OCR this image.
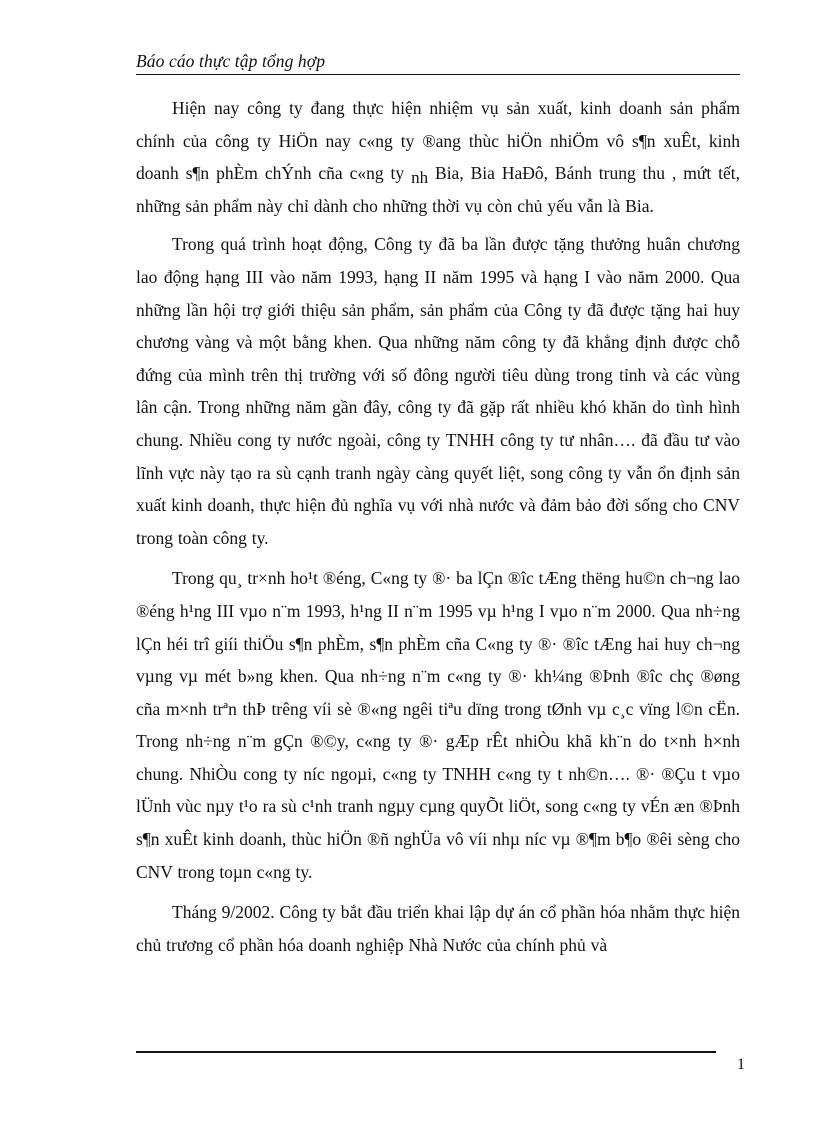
Báo cáo thực tập tổng hợp

Hiện nay công ty đang thực hiện nhiệm vụ sản xuất, kinh doanh sản phẩm chính của công ty HiÖn nay c«ng ty ®ang thùc hiÖn nhiÖm vô s¶n xuÊt, kinh doanh s¶n phÈm chÝnh cña c«ng ty nh Bia, Bia HaĐô, Bánh trung thu , mứt tết, những sản phẩm này chỉ dành cho những thời vụ còn chủ yếu vẫn là Bia.

Trong quá trình hoạt động, Công ty đã ba lần được tặng thưởng huân chương lao động hạng III vào năm 1993, hạng II năm 1995 và hạng I vào năm 2000. Qua những lần hội trợ giới thiệu sản phẩm, sản phẩm của Công ty đã được tặng hai huy chương vàng và một bằng khen. Qua những năm công ty đã khẳng định được chỗ đứng của mình trên thị trường với số đông người tiêu dùng trong tỉnh và các vùng lân cận. Trong những năm gần đây, công ty đã gặp rất nhiều khó khăn do tình hình chung. Nhiều cong ty nước ngoài, công ty TNHH công ty tư nhân…. đã đầu tư vào lĩnh vực này tạo ra sù cạnh tranh ngày càng quyết liệt, song công ty vẫn ổn định sản xuất kinh doanh, thực hiện đủ nghĩa vụ với nhà nước và đảm bảo đời sống cho CNV trong toàn công ty.

Trong qu¸ tr×nh ho¹t ®éng, C«ng ty ®· ba lÇn ®îc tÆng thëng hu©n ch¬ng lao ®éng h¹ng III vµo n¨m 1993, h¹ng II n¨m 1995 vµ h¹ng I vµo n¨m 2000. Qua nh÷ng lÇn héi trî giíi thiÖu s¶n phÈm, s¶n phÈm cña C«ng ty ®· ®îc tÆng hai huy ch¬ng vµng vµ mét b»ng khen. Qua nh÷ng n¨m c«ng ty ®· kh¼ng ®Þnh ®îc chç ®øng cña m×nh trªn thÞ trêng víi sè ®«ng ngêi tiªu dïng trong tØnh vµ c¸c vïng l©n cËn. Trong nh÷ng n¨m gÇn ®©y, c«ng ty ®· gÆp rÊt nhiÒu khã kh¨n do t×nh h×nh chung. NhiÒu cong ty níc ngoµi, c«ng ty TNHH c«ng ty t nh©n…. ®· ®Çu t vµo lÜnh vùc nµy t¹o ra sù c¹nh tranh ngµy cµng quyÕt liÖt, song c«ng ty vÉn æn ®Þnh s¶n xuÊt kinh doanh, thùc hiÖn ®ñ nghÜa vô víi nhµ níc vµ ®¶m b¶o ®êi sèng cho CNV trong toµn c«ng ty.

Tháng 9/2002. Công ty bắt đầu triển khai lập dự án cổ phần hóa nhằm thực hiện chủ trương cổ phần hóa doanh nghiệp Nhà Nước của chính phủ và

1
